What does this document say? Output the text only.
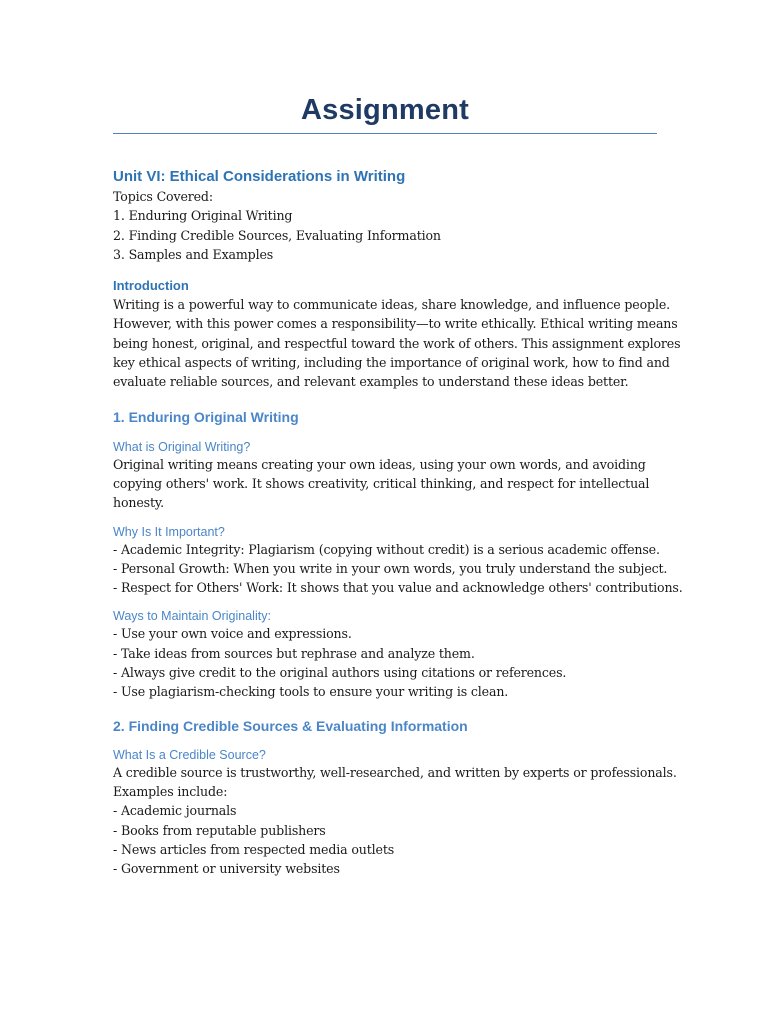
Assignment
Unit VI: Ethical Considerations in Writing
Topics Covered:
1. Enduring Original Writing
2. Finding Credible Sources, Evaluating Information
3. Samples and Examples
Introduction
Writing is a powerful way to communicate ideas, share knowledge, and influence people.
However, with this power comes a responsibility—to write ethically. Ethical writing means
being honest, original, and respectful toward the work of others. This assignment explores
key ethical aspects of writing, including the importance of original work, how to find and
evaluate reliable sources, and relevant examples to understand these ideas better.
1. Enduring Original Writing
What is Original Writing?
Original writing means creating your own ideas, using your own words, and avoiding
copying others' work. It shows creativity, critical thinking, and respect for intellectual
honesty.
Why Is It Important?
- Academic Integrity: Plagiarism (copying without credit) is a serious academic offense.
- Personal Growth: When you write in your own words, you truly understand the subject.
- Respect for Others' Work: It shows that you value and acknowledge others' contributions.
Ways to Maintain Originality:
- Use your own voice and expressions.
- Take ideas from sources but rephrase and analyze them.
- Always give credit to the original authors using citations or references.
- Use plagiarism-checking tools to ensure your writing is clean.
2. Finding Credible Sources & Evaluating Information
What Is a Credible Source?
A credible source is trustworthy, well-researched, and written by experts or professionals.
Examples include:
- Academic journals
- Books from reputable publishers
- News articles from respected media outlets
- Government or university websites
